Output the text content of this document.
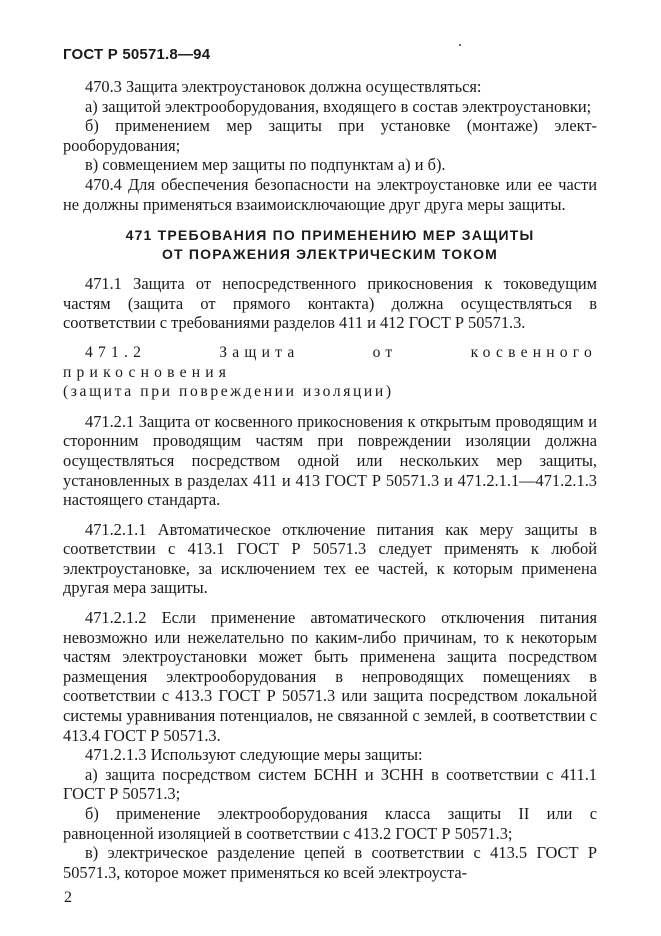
ГОСТ Р 50571.8—94

470.3 Защита электроустановок должна осуществляться:

а) защитой электрооборудования, входящего в состав электроустановки;

б) применением мер защиты при установке (монтаже) электрооборудования;

в) совмещением мер защиты по подпунктам а) и б).

470.4 Для обеспечения безопасности на электроустановке или ее части не должны применяться взаимоисключающие друг друга меры защиты.

471 ТРЕБОВАНИЯ ПО ПРИМЕНЕНИЮ МЕР ЗАЩИТЫ
ОТ ПОРАЖЕНИЯ ЭЛЕКТРИЧЕСКИМ ТОКОМ

471.1 Защита от непосредственного прикосновения к токоведущим частям (защита от прямого контакта) должна осуществляться в соответствии с требованиями разделов 411 и 412 ГОСТ Р 50571.3.

471.2 Защита от косвенного прикосновения

(защита при повреждении изоляции)

471.2.1 Защита от косвенного прикосновения к открытым проводящим и сторонним проводящим частям при повреждении изоляции должна осуществляться посредством одной или нескольких мер защиты, установленных в разделах 411 и 413 ГОСТ Р 50571.3 и 471.2.1.1—471.2.1.3 настоящего стандарта.

471.2.1.1 Автоматическое отключение питания как меру защиты в соответствии с 413.1 ГОСТ Р 50571.3 следует применять к любой электроустановке, за исключением тех ее частей, к которым применена другая мера защиты.

471.2.1.2 Если применение автоматического отключения питания невозможно или нежелательно по каким-либо причинам, то к некоторым частям электроустановки может быть применена защита посредством размещения электрооборудования в непроводящих помещениях в соответствии с 413.3 ГОСТ Р 50571.3 или защита посредством локальной системы уравнивания потенциалов, не связанной с землей, в соответствии с 413.4 ГОСТ Р 50571.3.

471.2.1.3 Используют следующие меры защиты:

а) защита посредством систем БСНН и ЗСНН в соответствии с 411.1 ГОСТ Р 50571.3;

б) применение электрооборудования класса защиты II или с равноценной изоляцией в соответствии с 413.2 ГОСТ Р 50571.3;

в) электрическое разделение цепей в соответствии с 413.5 ГОСТ Р 50571.3, которое может применяться ко всей электроуста-

2
